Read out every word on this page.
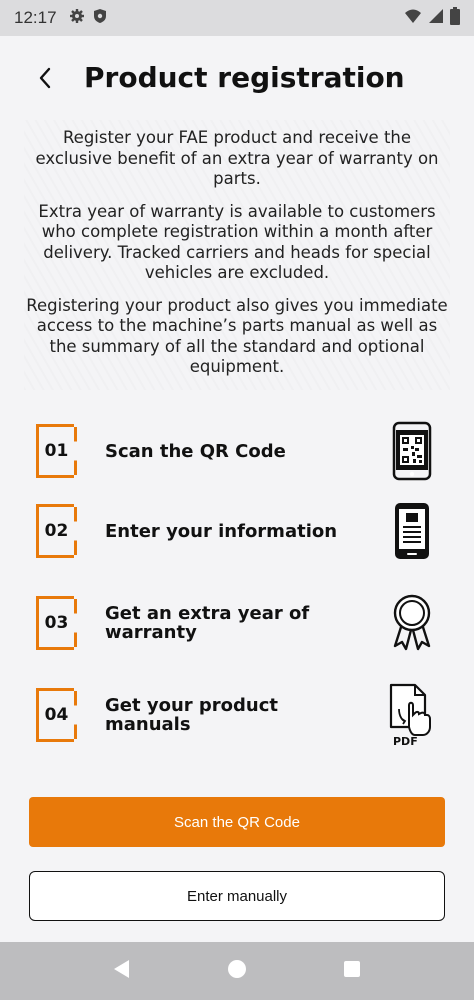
12:17
Product registration

Register your FAE product and receive the exclusive benefit of an extra year of warranty on parts.

Extra year of warranty is available to customers who complete registration within a month after delivery. Tracked carriers and heads for special vehicles are excluded.

Registering your product also gives you immediate access to the machine’s parts manual as well as the summary of all the standard and optional equipment.

01 Scan the QR Code
02 Enter your information
03 Get an extra year of warranty
04 Get your product manuals
PDF
Scan the QR Code
Enter manually
